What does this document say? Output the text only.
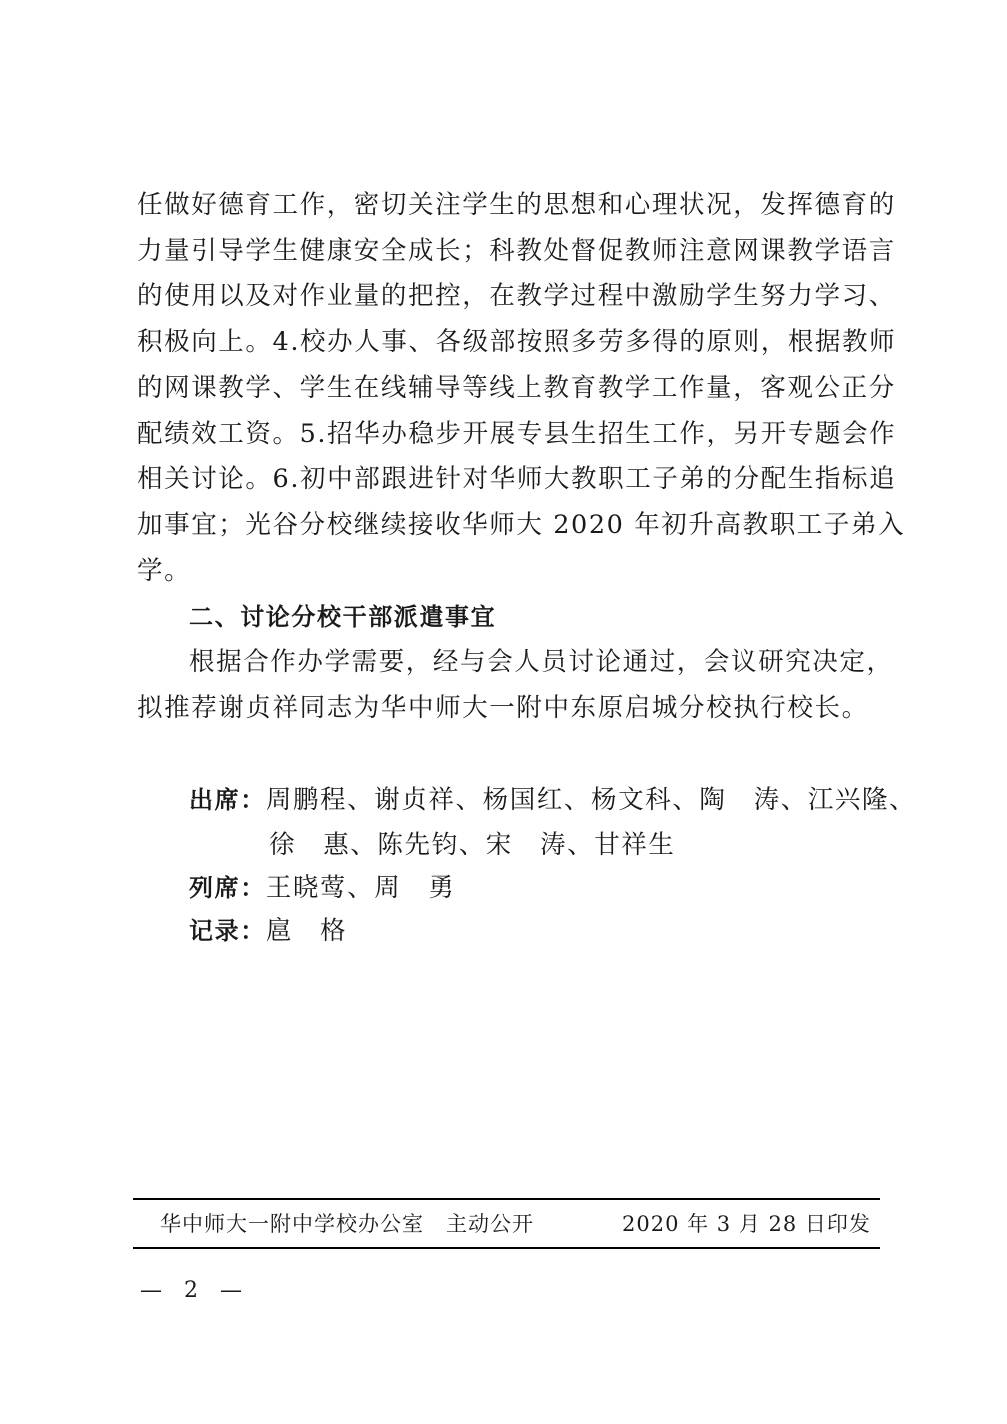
任做好德育工作，密切关注学生的思想和心理状况，发挥德育的
力量引导学生健康安全成长；科教处督促教师注意网课教学语言
的使用以及对作业量的把控，在教学过程中激励学生努力学习、
积极向上。4.校办人事、各级部按照多劳多得的原则，根据教师
的网课教学、学生在线辅导等线上教育教学工作量，客观公正分
配绩效工资。5.招华办稳步开展专县生招生工作，另开专题会作
相关讨论。6.初中部跟进针对华师大教职工子弟的分配生指标追
加事宜；光谷分校继续接收华师大 2020 年初升高教职工子弟入
学。
二、讨论分校干部派遣事宜
根据合作办学需要，经与会人员讨论通过，会议研究决定，
拟推荐谢贞祥同志为华中师大一附中东原启城分校执行校长。
出席：周鹏程、谢贞祥、杨国红、杨文科、陶　涛、江兴隆、
徐　惠、陈先钧、宋　涛、甘祥生
列席：王晓莺、周　勇
记录：扈　格
华中师大一附中学校办公室　主动公开	2020 年 3 月 28 日印发
—　2　—
